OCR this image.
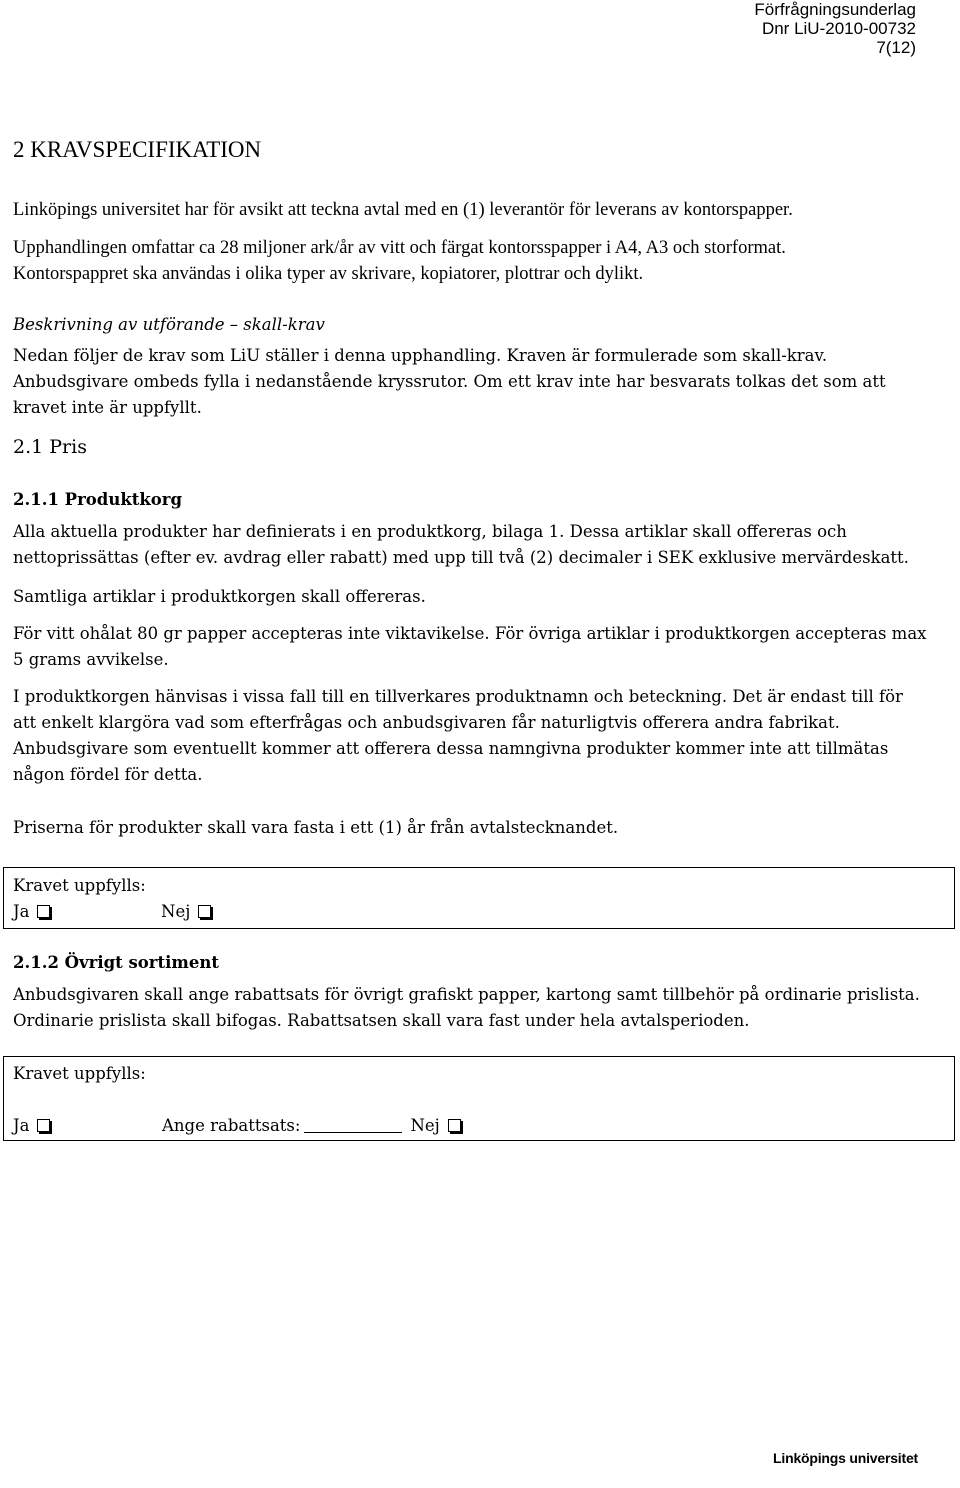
Förfrågningsunderlag
Dnr LiU-2010-00732
7(12)
2 KRAVSPECIFIKATION
Linköpings universitet har för avsikt att teckna avtal med en (1) leverantör för leverans av kontorspapper.
Upphandlingen omfattar ca 28 miljoner ark/år av vitt och färgat kontorsspapper i A4, A3 och storformat.
Kontorspappret ska användas i olika typer av skrivare, kopiatorer, plottrar och dylikt.
Beskrivning av utförande – skall-krav
Nedan följer de krav som LiU ställer i denna upphandling. Kraven är formulerade som skall-krav.
Anbudsgivare ombeds fylla i nedanstående kryssrutor. Om ett krav inte har besvarats tolkas det som att
kravet inte är uppfyllt.
2.1 Pris
2.1.1 Produktkorg
Alla aktuella produkter har definierats i en produktkorg, bilaga 1. Dessa artiklar skall offereras och
nettoprissättas (efter ev. avdrag eller rabatt) med upp till två (2) decimaler i SEK exklusive mervärdeskatt.
Samtliga artiklar i produktkorgen skall offereras.
För vitt ohålat 80 gr papper accepteras inte viktavikelse. För övriga artiklar i produktkorgen accepteras max
5 grams avvikelse.
I produktkorgen hänvisas i vissa fall till en tillverkares produktnamn och beteckning. Det är endast till för
att enkelt klargöra vad som efterfrågas och anbudsgivaren får naturligtvis offerera andra fabrikat.
Anbudsgivare som eventuellt kommer att offerera dessa namngivna produkter kommer inte att tillmätas
någon fördel för detta.
Priserna för produkter skall vara fasta i ett (1) år från avtalstecknandet.
Kravet uppfylls:
Ja	Nej
2.1.2 Övrigt sortiment
Anbudsgivaren skall ange rabattsats för övrigt grafiskt papper, kartong samt tillbehör på ordinarie prislista.
Ordinarie prislista skall bifogas. Rabattsatsen skall vara fast under hela avtalsperioden.
Kravet uppfylls:
Ja	Ange rabattsats:	Nej
Linköpings universitet
